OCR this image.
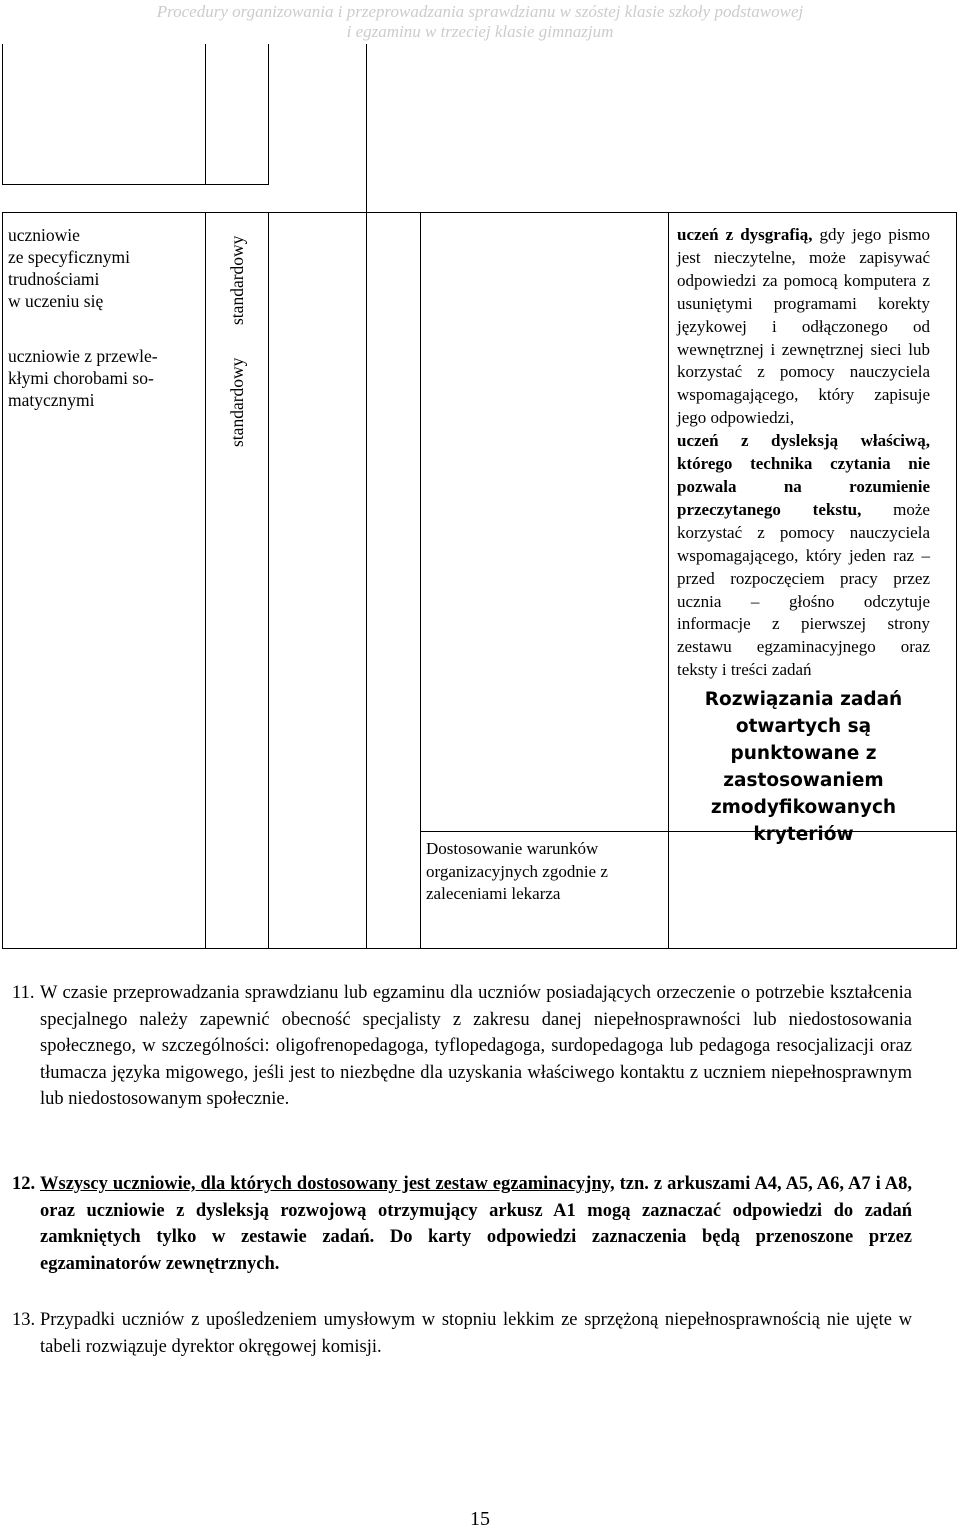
Procedury organizowania i przeprowadzania sprawdzianu w szóstej klasie szkoły podstawowej
i egzaminu w trzeciej klasie gimnazjum
uczniowie
ze specyficznymi
trudnościami
w uczeniu się
uczniowie z przewle-
kłymi chorobami so-
matycznymi
standardowy
standardowy
uczeń z dysgrafią, gdy jego pismo jest nieczytelne, może zapisywać odpowiedzi za pomocą komputera z usuniętymi programami korekty językowej i odłączonego od wewnętrznej i zewnętrznej sieci lub korzystać z pomocy nauczyciela wspomagającego, który zapisuje jego odpowiedzi,
uczeń z dysleksją właściwą, którego technika czytania nie pozwala na rozumienie przeczytanego tekstu, może korzystać z pomocy nauczyciela wspomagającego, który jeden raz – przed rozpoczęciem pracy przez ucznia – głośno odczytuje informacje z pierwszej strony zestawu egzaminacyjnego oraz teksty i treści zadań
Rozwiązania zadań otwartych są punktowane z zastosowaniem zmodyfikowanych kryteriów
Dostosowanie warunków organizacyjnych zgodnie z zaleceniami lekarza
11. W czasie przeprowadzania sprawdzianu lub egzaminu dla uczniów posiadających orzeczenie o potrzebie kształcenia specjalnego należy zapewnić obecność specjalisty z zakresu danej niepełnosprawności lub niedostosowania społecznego, w szczególności: oligofrenopedagoga, tyflopedagoga, surdopedagoga lub pedagoga resocjalizacji oraz tłumacza języka migowego, jeśli jest to niezbędne dla uzyskania właściwego kontaktu z uczniem niepełnosprawnym lub niedostosowanym społecznie.
12. Wszyscy uczniowie, dla których dostosowany jest zestaw egzaminacyjny, tzn. z arkuszami A4, A5, A6, A7 i A8, oraz uczniowie z dysleksją rozwojową otrzymujący arkusz A1 mogą zaznaczać odpowiedzi do zadań zamkniętych tylko w zestawie zadań. Do karty odpowiedzi zaznaczenia będą przenoszone przez egzaminatorów zewnętrznych.
13. Przypadki uczniów z upośledzeniem umysłowym w stopniu lekkim ze sprzężoną niepełnosprawnością nie ujęte w tabeli rozwiązuje dyrektor okręgowej komisji.
15
